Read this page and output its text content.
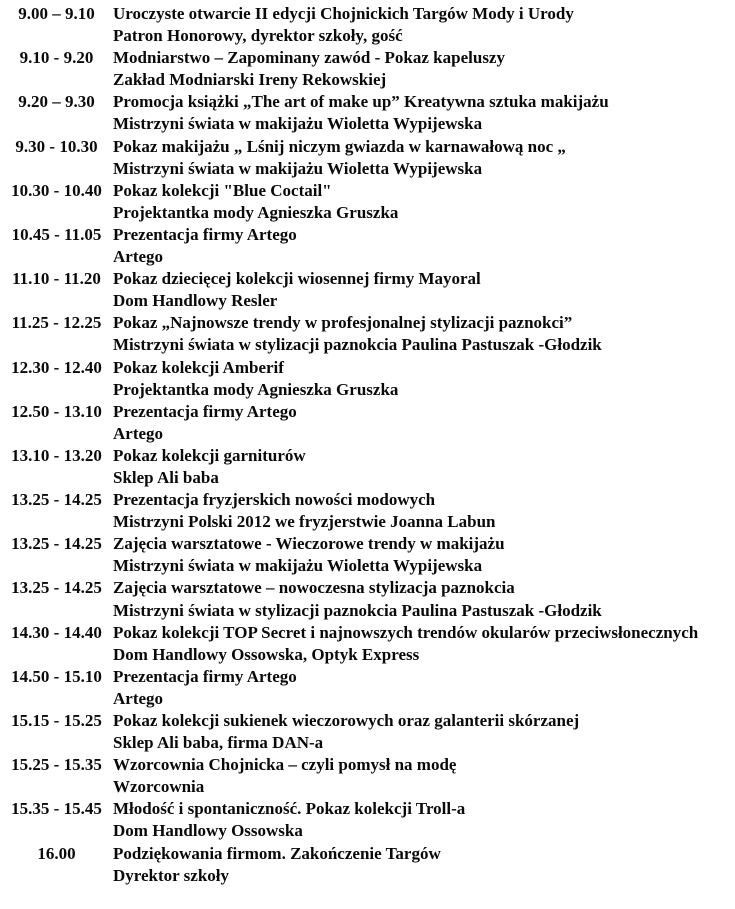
9.00 – 9.10	Uroczyste otwarcie II edycji Chojnickich Targów Mody i Urody
Patron Honorowy, dyrektor szkoły, gość
9.10 - 9.20	Modniarstwo – Zapominany zawód - Pokaz kapeluszy
Zakład Modniarski Ireny Rekowskiej
9.20 – 9.30	Promocja książki „The art of make up” Kreatywna sztuka makijażu
Mistrzyni świata w makijażu Wioletta Wypijewska
9.30 - 10.30 Pokaz makijażu „ Lśnij niczym gwiazda w karnawałową noc „
Mistrzyni świata w makijażu Wioletta Wypijewska
10.30 - 10.40 Pokaz kolekcji "Blue Coctail"
Projektantka mody Agnieszka Gruszka
10.45 - 11.05 Prezentacja firmy Artego
Artego
11.10 - 11.20 Pokaz dziecięcej kolekcji wiosennej firmy Mayoral
Dom Handlowy Resler
11.25 - 12.25 Pokaz „Najnowsze trendy w profesjonalnej stylizacji paznokci”
Mistrzyni świata w stylizacji paznokcia Paulina Pastuszak -Głodzik
12.30 - 12.40 Pokaz kolekcji Amberif
Projektantka mody Agnieszka Gruszka
12.50 - 13.10 Prezentacja firmy Artego
Artego
13.10 - 13.20 Pokaz kolekcji garniturów
Sklep Ali baba
13.25 - 14.25 Prezentacja fryzjerskich nowości modowych
Mistrzyni Polski 2012 we fryzjerstwie Joanna Labun
13.25 - 14.25 Zajęcia warsztatowe - Wieczorowe trendy w makijażu
Mistrzyni świata w makijażu Wioletta Wypijewska
13.25 - 14.25 Zajęcia warsztatowe – nowoczesna stylizacja paznokcia
Mistrzyni świata w stylizacji paznokcia Paulina Pastuszak -Głodzik
14.30 - 14.40 Pokaz kolekcji TOP Secret i najnowszych trendów okularów przeciwsłonecznych
Dom Handlowy Ossowska, Optyk Express
14.50 - 15.10 Prezentacja firmy Artego
Artego
15.15 - 15.25 Pokaz kolekcji sukienek wieczorowych oraz galanterii skórzanej
Sklep Ali baba, firma DAN-a
15.25 - 15.35 Wzorcownia Chojnicka – czyli pomysł na modę
Wzorcownia
15.35 - 15.45 Młodość i spontaniczność. Pokaz kolekcji Troll-a
Dom Handlowy Ossowska
16.00	Podziękowania firmom. Zakończenie Targów
Dyrektor szkoły
